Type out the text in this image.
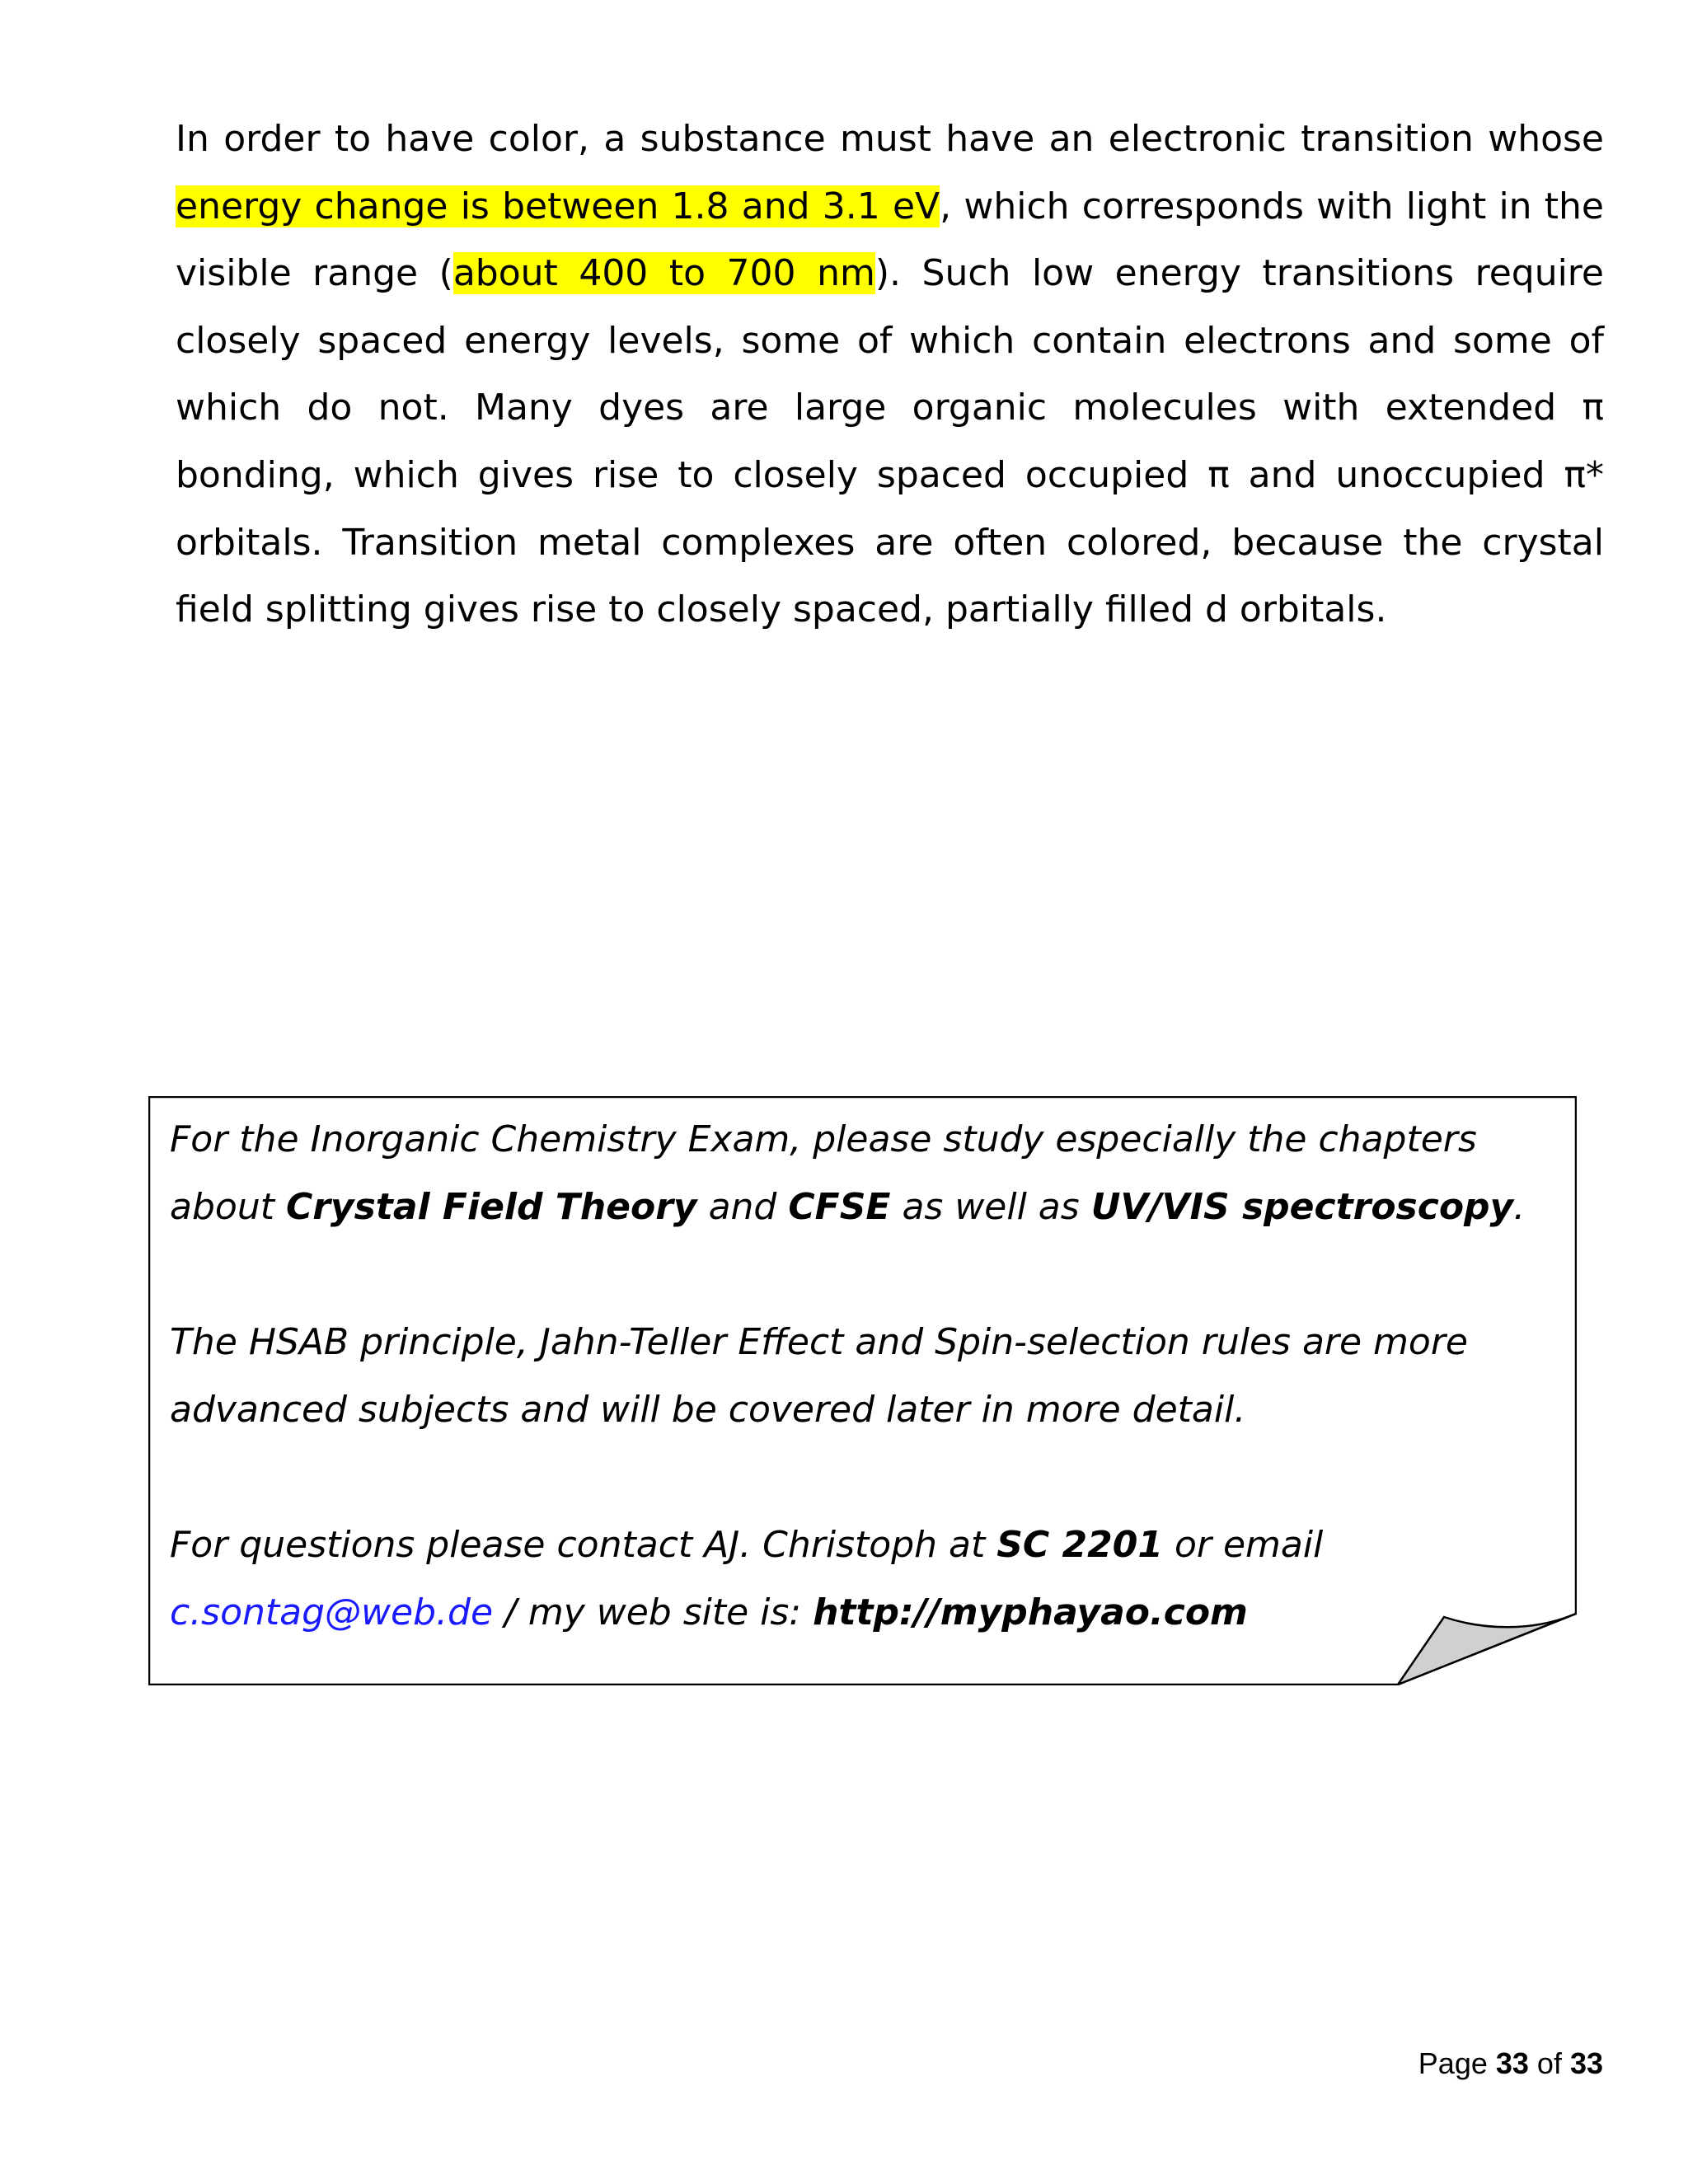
In order to have color, a substance must have an electronic transition whose energy change is between 1.8 and 3.1 eV, which corresponds with light in the visible range (about 400 to 700 nm). Such low energy transitions require closely spaced energy levels, some of which contain electrons and some of which do not. Many dyes are large organic molecules with extended π bonding, which gives rise to closely spaced occupied π and unoccupied π* orbitals. Transition metal complexes are often colored, because the crystal field splitting gives rise to closely spaced, partially filled d orbitals.

For the Inorganic Chemistry Exam, please study especially the chapters about Crystal Field Theory and CFSE as well as UV/VIS spectroscopy.

The HSAB principle, Jahn-Teller Effect and Spin-selection rules are more advanced subjects and will be covered later in more detail.

For questions please contact AJ. Christoph at SC 2201 or email c.sontag@web.de / my web site is: http://myphayao.com

Page 33 of 33
